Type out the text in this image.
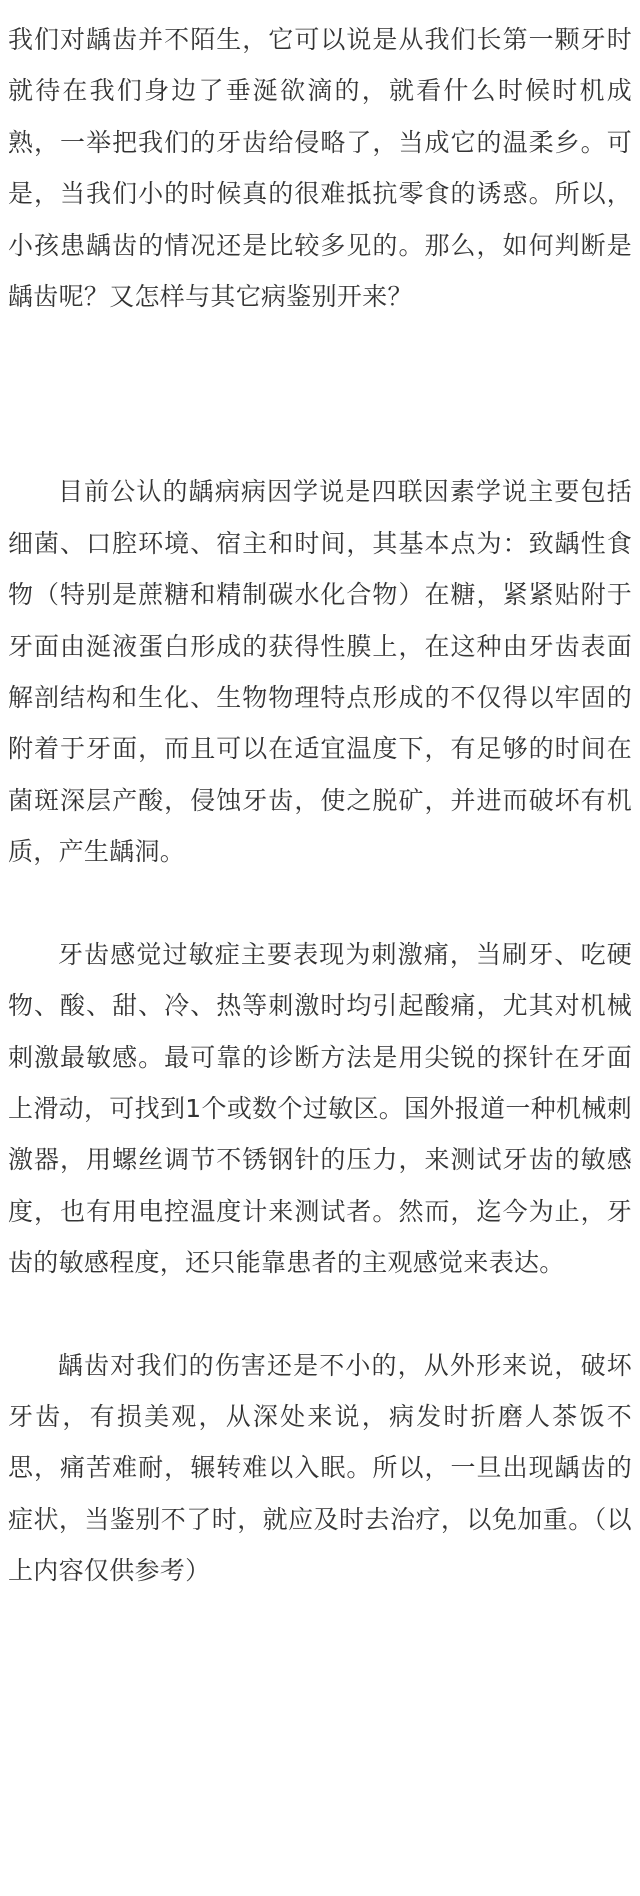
我们对龋齿并不陌生，它可以说是从我们长第一颗牙时就待在我们身边了垂涎欲滴的，就看什么时候时机成熟，一举把我们的牙齿给侵略了，当成它的温柔乡。可是，当我们小的时候真的很难抵抗零食的诱惑。所以，小孩患龋齿的情况还是比较多见的。那么，如何判断是龋齿呢？又怎样与其它病鉴别开来？

目前公认的龋病病因学说是四联因素学说主要包括细菌、口腔环境、宿主和时间，其基本点为：致龋性食物（特别是蔗糖和精制碳水化合物）在糖，紧紧贴附于牙面由涎液蛋白形成的获得性膜上，在这种由牙齿表面解剖结构和生化、生物物理特点形成的不仅得以牢固的附着于牙面，而且可以在适宜温度下，有足够的时间在菌斑深层产酸，侵蚀牙齿，使之脱矿，并进而破坏有机质，产生龋洞。

牙齿感觉过敏症主要表现为刺激痛，当刷牙、吃硬物、酸、甜、冷、热等刺激时均引起酸痛，尤其对机械刺激最敏感。最可靠的诊断方法是用尖锐的探针在牙面上滑动，可找到1个或数个过敏区。国外报道一种机械刺激器，用螺丝调节不锈钢针的压力，来测试牙齿的敏感度，也有用电控温度计来测试者。然而，迄今为止，牙齿的敏感程度，还只能靠患者的主观感觉来表达。

龋齿对我们的伤害还是不小的，从外形来说，破坏牙齿，有损美观，从深处来说，病发时折磨人茶饭不思，痛苦难耐，辗转难以入眠。所以，一旦出现龋齿的症状，当鉴别不了时，就应及时去治疗，以免加重。（以上内容仅供参考）
